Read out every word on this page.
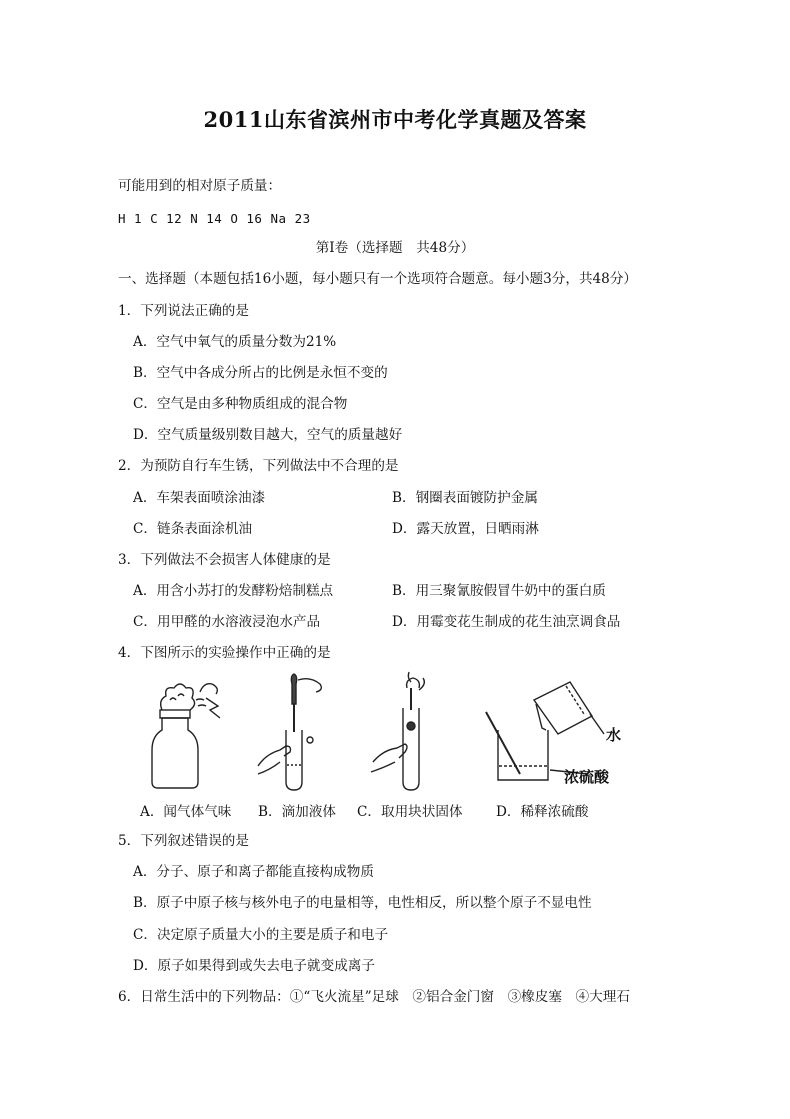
2011山东省滨州市中考化学真题及答案
可能用到的相对原子质量：
H 1 C 12 N 14 O 16 Na 23
第Ⅰ卷（选择题　共48分）
一、选择题（本题包括16小题，每小题只有一个选项符合题意。每小题3分，共48分）
1．下列说法正确的是
A．空气中氧气的质量分数为21%
B．空气中各成分所占的比例是永恒不变的
C．空气是由多种物质组成的混合物
D．空气质量级别数目越大，空气的质量越好
2．为预防自行车生锈，下列做法中不合理的是
A．车架表面喷涂油漆	B．钢圈表面镀防护金属
C．链条表面涂机油	D．露天放置，日晒雨淋
3．下列做法不会损害人体健康的是
A．用含小苏打的发酵粉焙制糕点	B．用三聚氰胺假冒牛奶中的蛋白质
C．用甲醛的水溶液浸泡水产品	D．用霉变花生制成的花生油烹调食品
4．下图所示的实验操作中正确的是
水
浓硫酸
A．闻气体气味 B．滴加液体 C．取用块状固体 D．稀释浓硫酸
5．下列叙述错误的是
A．分子、原子和离子都能直接构成物质
B．原子中原子核与核外电子的电量相等，电性相反，所以整个原子不显电性
C．决定原子质量大小的主要是质子和电子
D．原子如果得到或失去电子就变成离子
6．日常生活中的下列物品：①“飞火流星”足球　②铝合金门窗　③橡皮塞　④大理石
